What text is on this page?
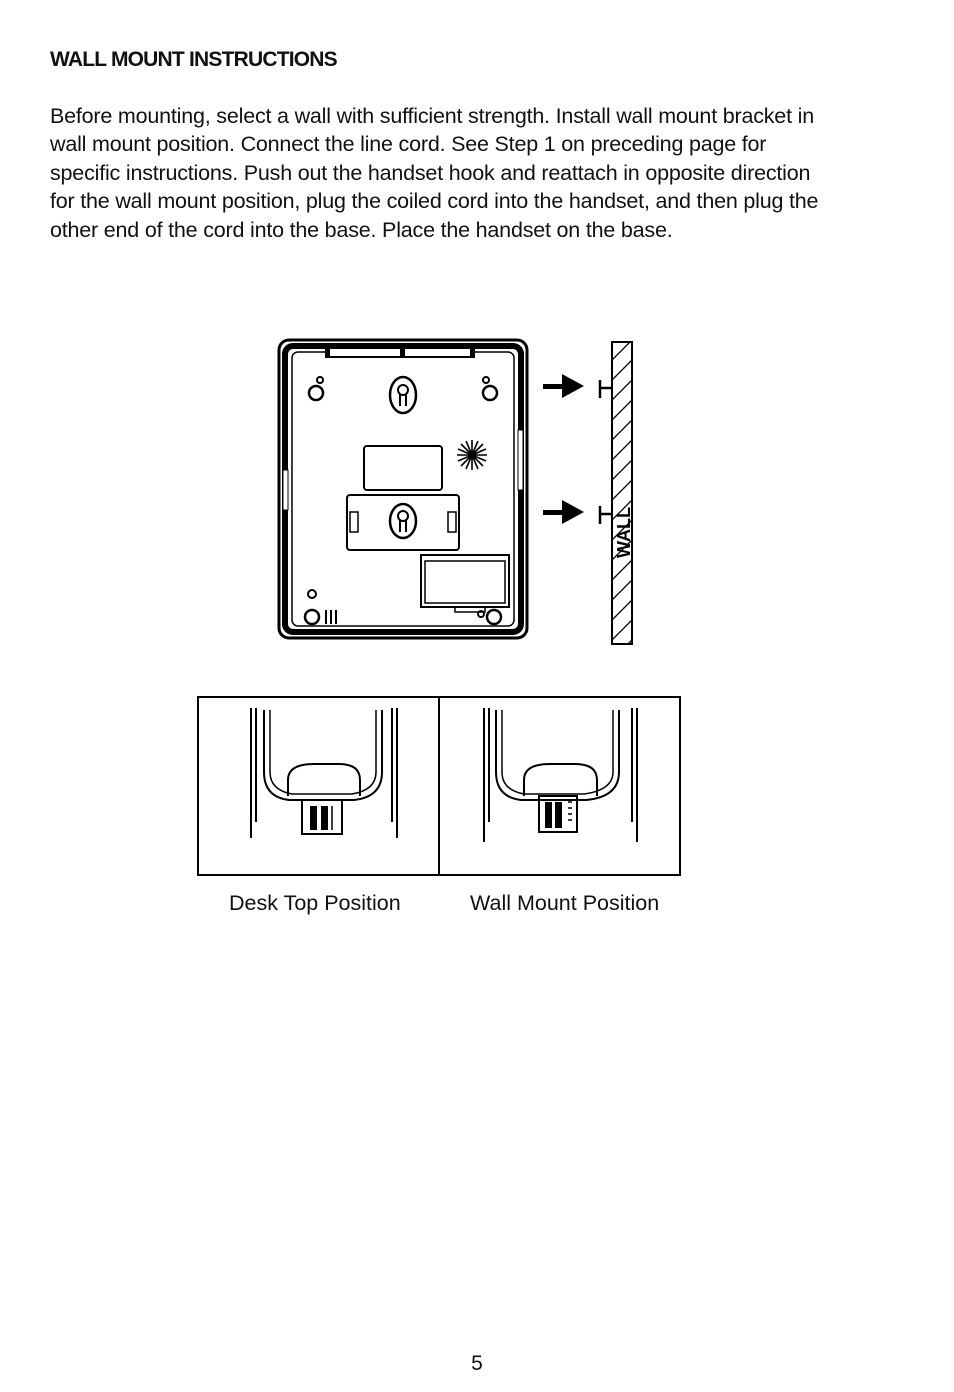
WALL MOUNT INSTRUCTIONS

Before mounting, select a wall with sufficient strength. Install wall mount bracket in

wall mount position. Connect the line cord. See Step 1 on preceding page for

specific instructions. Push out the handset hook and reattach in opposite direction

for the wall mount position, plug the coiled cord into the handset, and then plug the

other end of the cord into the base. Place the handset on the base.

WALL
Desk Top Position	Wall Mount Position
5
